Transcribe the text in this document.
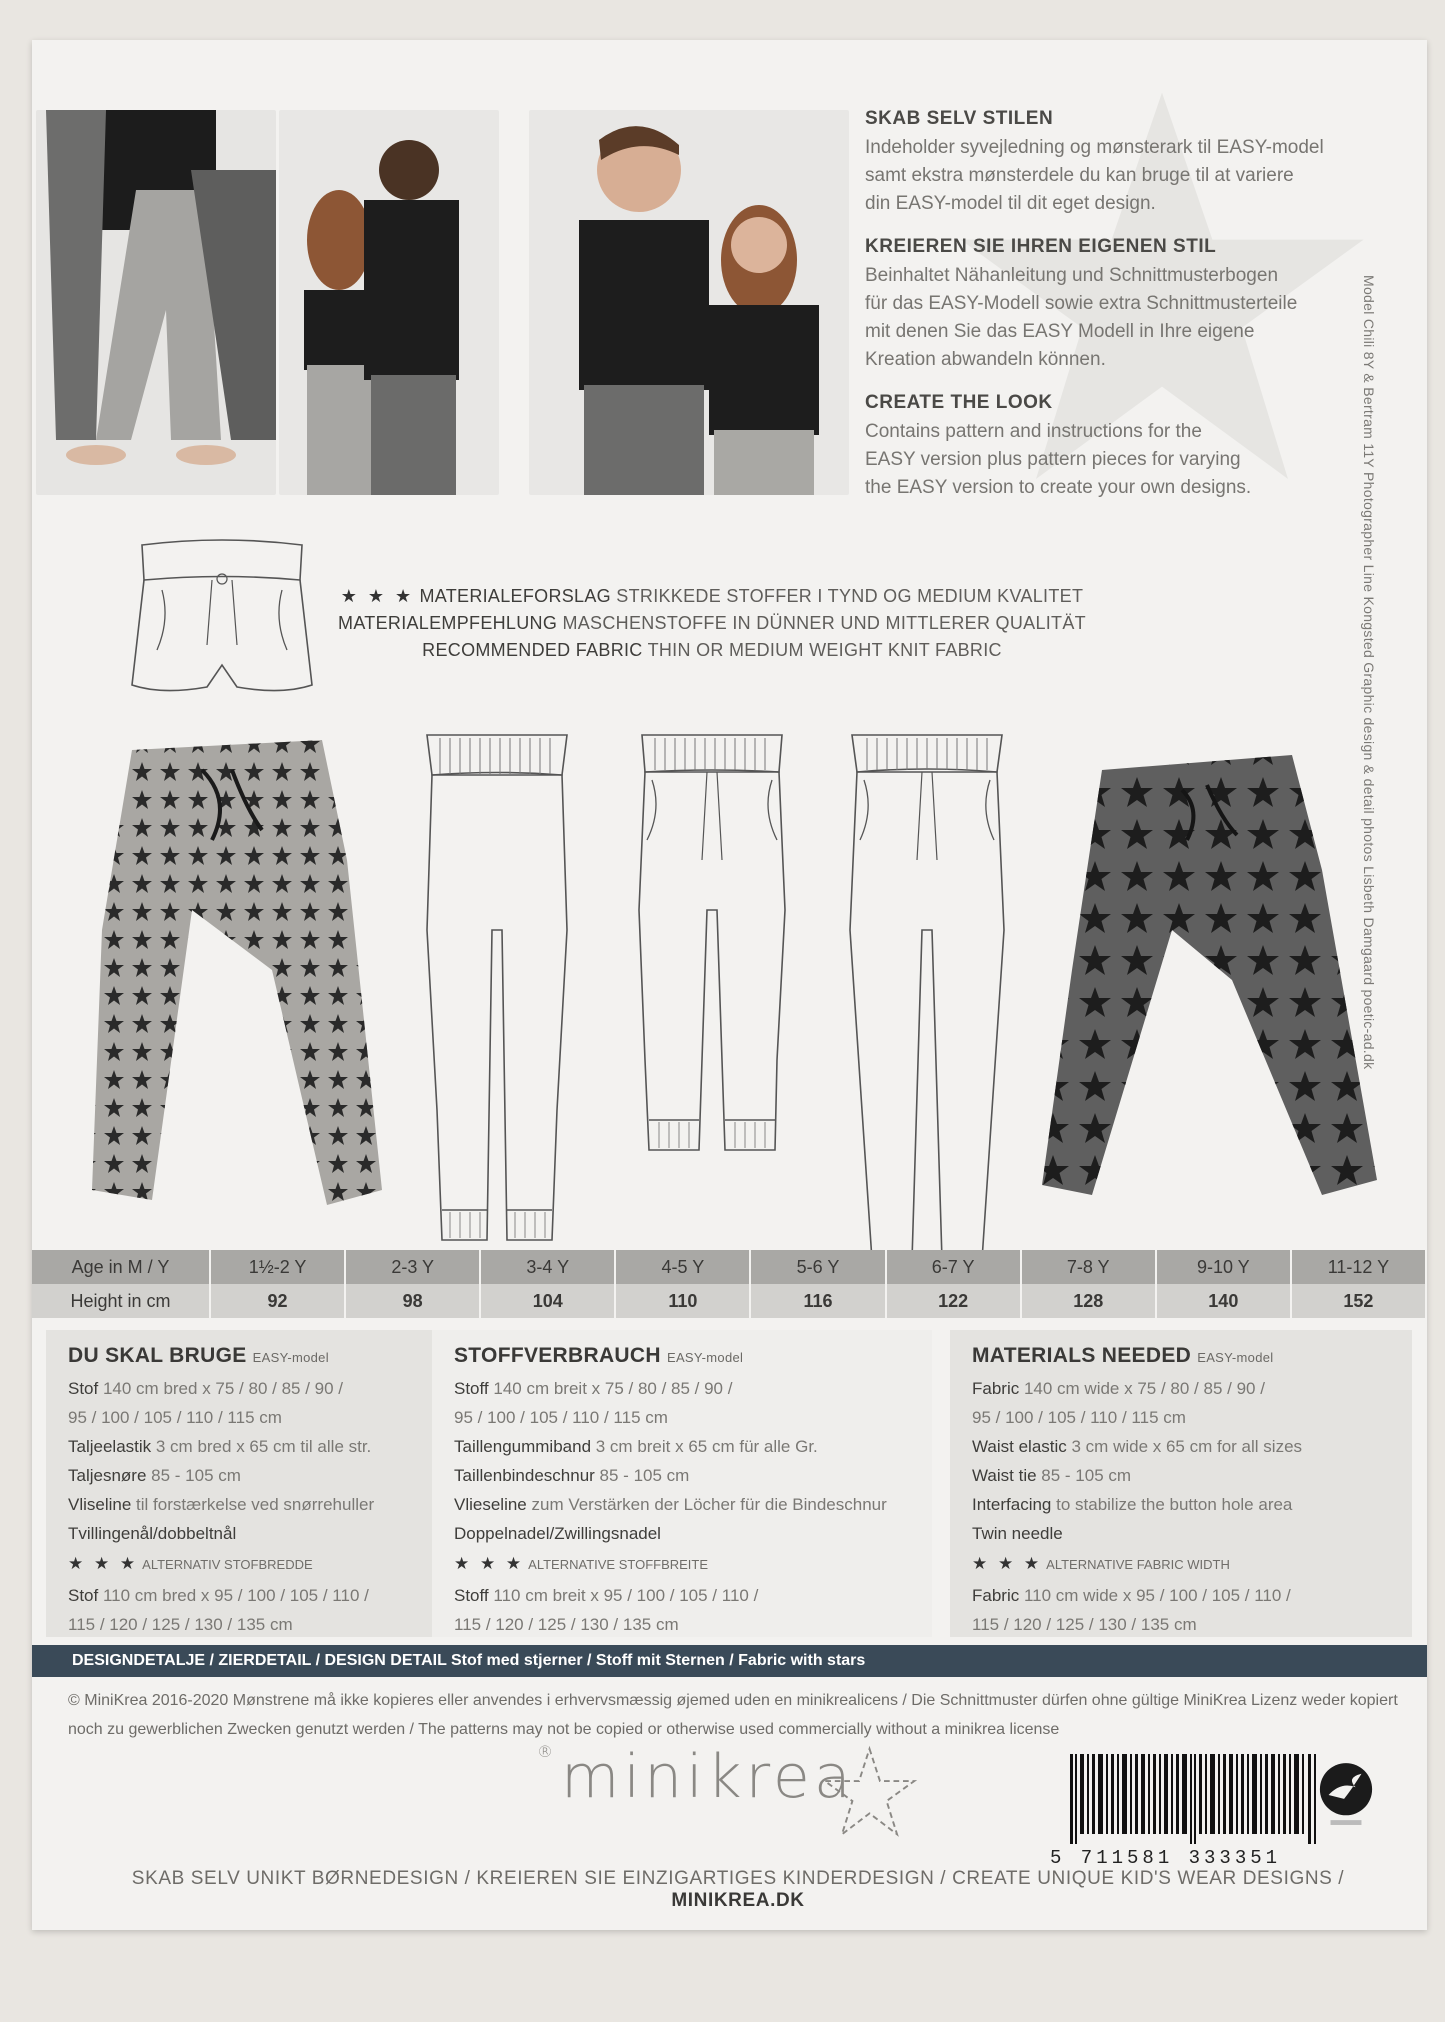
SKAB SELV STILEN

Indeholder syvejledning og mønsterark til EASY-model
samt ekstra mønsterdele du kan bruge til at variere
din EASY-model til dit eget design.

KREIEREN SIE IHREN EIGENEN STIL

Beinhaltet Nähanleitung und Schnittmusterbogen
für das EASY-Modell sowie extra Schnittmusterteile
mit denen Sie das EASY Modell in Ihre eigene
Kreation abwandeln können.

CREATE THE LOOK

Contains pattern and instructions for the
EASY version plus pattern pieces for varying
the EASY version to create your own designs.	Model Chili 8Y & Bertram 11Y Photographer Line Kongsted Graphic design & detail photos Lisbeth Damgaard poetic-ad.dk
★ ★ ★ MATERIALEFORSLAG STRIKKEDE STOFFER I TYND OG MEDIUM KVALITET
MATERIALEMPFEHLUNG MASCHENSTOFFE IN DÜNNER UND MITTLERER QUALITÄT
RECOMMENDED FABRIC THIN OR MEDIUM WEIGHT KNIT FABRIC
Age in M / Y	1½-2 Y	2-3 Y	3-4 Y	4-5 Y	5-6 Y	6-7 Y	7-8 Y	9-10 Y	11-12 Y
Height in cm	92	98	104	110	116	122	128	140	152
DU SKAL BRUGE EASY-model
Stof 140 cm bred x 75 / 80 / 85 / 90 /
95 / 100 / 105 / 110 / 115 cm
Taljeelastik 3 cm bred x 65 cm til alle str.
Taljesnøre 85 - 105 cm
Vliseline til forstærkelse ved snørrehuller
Tvillingenål/dobbeltnål
★ ★ ★ ALTERNATIV STOFBREDDE
Stof 110 cm bred x 95 / 100 / 105 / 110 /
115 / 120 / 125 / 130 / 135 cm
STOFFVERBRAUCH EASY-model
Stoff 140 cm breit x 75 / 80 / 85 / 90 /
95 / 100 / 105 / 110 / 115 cm
Taillengummiband 3 cm breit x 65 cm für alle Gr.
Taillenbindeschnur 85 - 105 cm
Vlieseline zum Verstärken der Löcher für die Bindeschnur
Doppelnadel/Zwillingsnadel
★ ★ ★ ALTERNATIVE STOFFBREITE
Stoff 110 cm breit x 95 / 100 / 105 / 110 /
115 / 120 / 125 / 130 / 135 cm
MATERIALS NEEDED EASY-model
Fabric 140 cm wide x 75 / 80 / 85 / 90 /
95 / 100 / 105 / 110 / 115 cm
Waist elastic 3 cm wide x 65 cm for all sizes
Waist tie 85 - 105 cm
Interfacing to stabilize the button hole area
Twin needle
★ ★ ★ ALTERNATIVE FABRIC WIDTH
Fabric 110 cm wide x 95 / 100 / 105 / 110 /
115 / 120 / 125 / 130 / 135 cm
DESIGNDETALJE / ZIERDETAIL / DESIGN DETAIL Stof med stjerner / Stoff mit Sternen / Fabric with stars
© MiniKrea 2016-2020 Mønstrene må ikke kopieres eller anvendes i erhvervsmæssig øjemed uden en minikrealicens / Die Schnittmuster dürfen ohne gültige MiniKrea Lizenz weder kopiert noch zu gewerblichen Zwecken genutzt werden / The patterns may not be copied or otherwise used commercially without a minikrea license
®minikrea
5 711581 333351
SKAB SELV UNIKT BØRNEDESIGN / KREIEREN SIE EINZIGARTIGES KINDERDESIGN / CREATE UNIQUE KID'S WEAR DESIGNS / MINIKREA.DK
